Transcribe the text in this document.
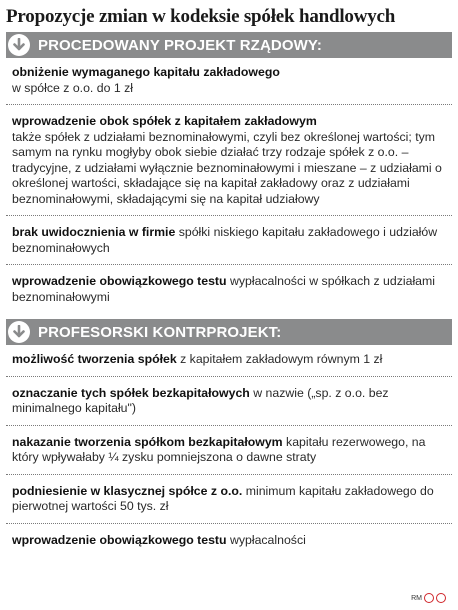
Propozycje zmian w kodeksie spółek handlowych
PROCEDOWANY PROJEKT RZĄDOWY:
obniżenie wymaganego kapitału zakładowego
w spółce z o.o. do 1 zł
wprowadzenie obok spółek z kapitałem zakładowym
także spółek z udziałami beznominałowymi, czyli bez określonej wartości; tym samym na rynku mogłyby obok siebie działać trzy rodzaje spółek z o.o. – tradycyjne, z udziałami wyłącznie beznominałowymi i mieszane – z udziałami o określonej wartości, składające się na kapitał zakładowy oraz z udziałami beznominałowymi, składającymi się na kapitał udziałowy
brak uwidocznienia w firmie spółki niskiego kapitału zakładowego i udziałów beznominałowych
wprowadzenie obowiązkowego testu wypłacalności w spółkach z udziałami beznominałowymi
PROFESORSKI KONTRPROJEKT:
możliwość tworzenia spółek z kapitałem zakładowym równym 1 zł
oznaczanie tych spółek bezkapitałowych w nazwie („sp. z o.o. bez minimalnego kapitału")
nakazanie tworzenia spółkom bezkapitałowym kapitału rezerwowego, na który wpływałaby ¼ zysku pomniejszona o dawne straty
podniesienie w klasycznej spółce z o.o. minimum kapitału zakładowego do pierwotnej wartości 50 tys. zł
wprowadzenie obowiązkowego testu wypłacalności
RM
